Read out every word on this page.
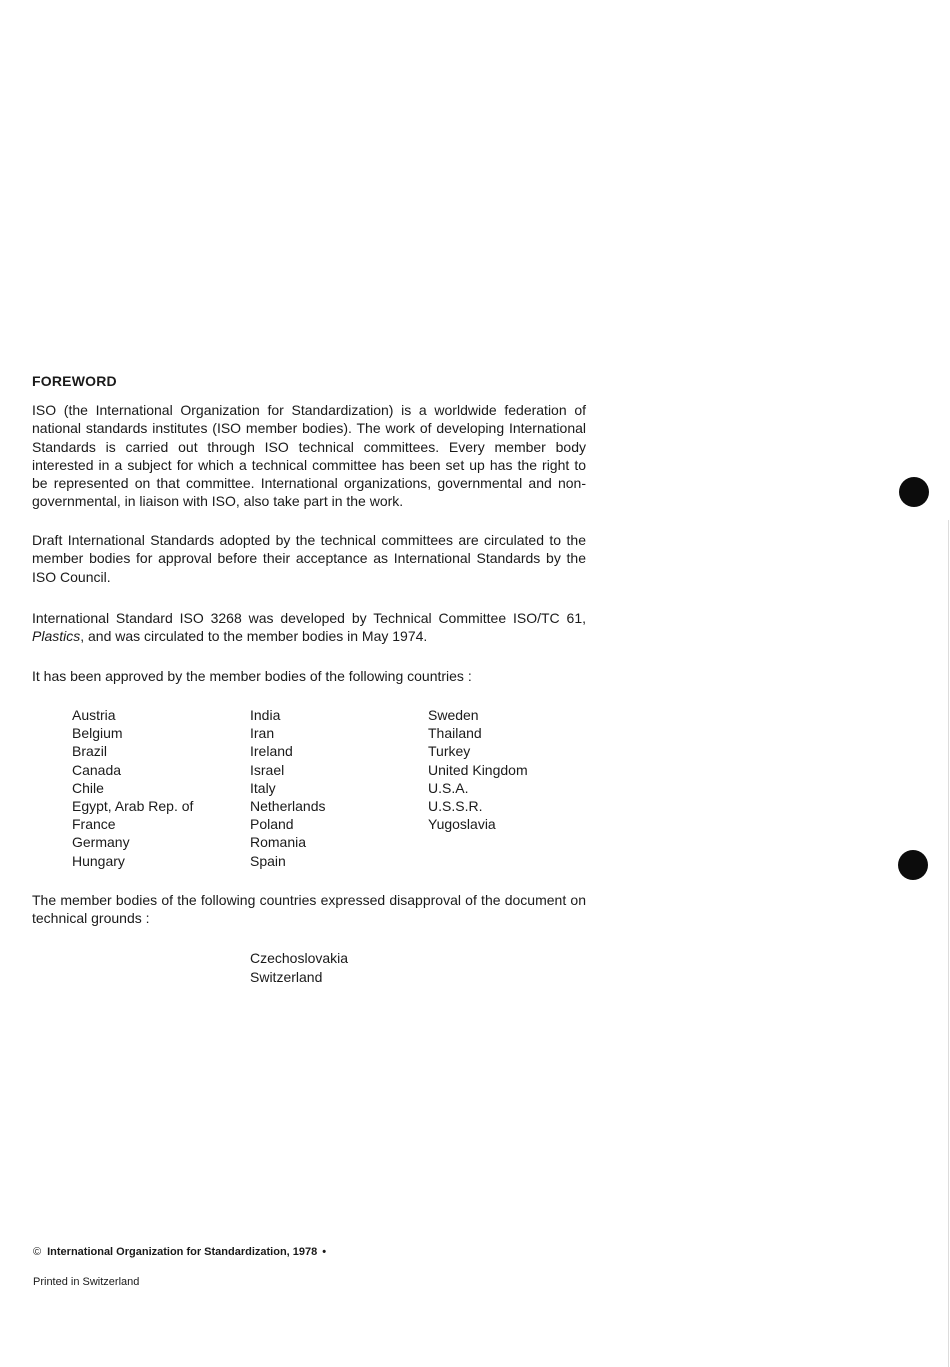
FOREWORD

ISO (the International Organization for Standardization) is a worldwide federation of national standards institutes (ISO member bodies). The work of developing International Standards is carried out through ISO technical committees. Every member body interested in a subject for which a technical committee has been set up has the right to be represented on that committee. International organizations, governmental and non-governmental, in liaison with ISO, also take part in the work.

Draft International Standards adopted by the technical committees are circulated to the member bodies for approval before their acceptance as International Standards by the ISO Council.

International Standard ISO 3268 was developed by Technical Committee ISO/TC 61, Plastics, and was circulated to the member bodies in May 1974.

It has been approved by the member bodies of the following countries :

Austria
Belgium
Brazil
Canada
Chile
Egypt, Arab Rep. of
France
Germany
Hungary
India
Iran
Ireland
Israel
Italy
Netherlands
Poland
Romania
Spain
Sweden
Thailand
Turkey
United Kingdom
U.S.A.
U.S.S.R.
Yugoslavia

The member bodies of the following countries expressed disapproval of the document on technical grounds :

Czechoslovakia
Switzerland
© International Organization for Standardization, 1978 •
Printed in Switzerland
